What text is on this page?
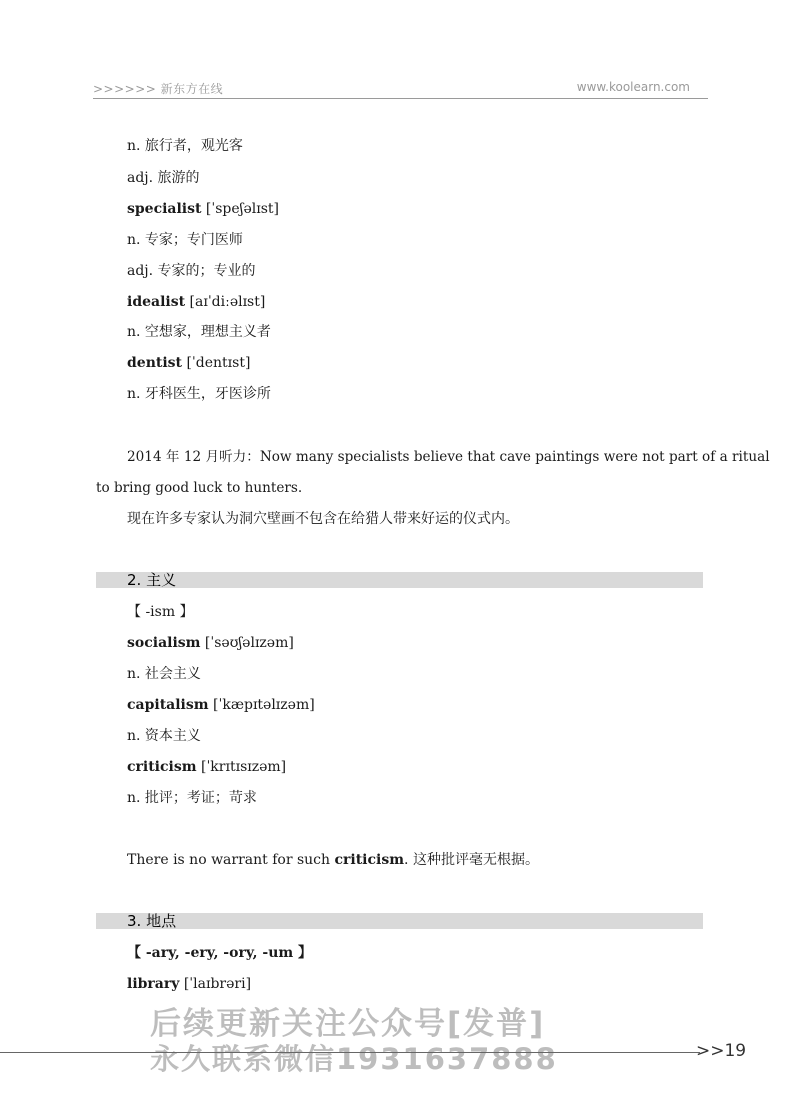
>>>>>> 新东方在线	www.koolearn.com
n. 旅行者，观光客
adj. 旅游的
specialist [ˈspeʃəlɪst]
n. 专家；专门医师
adj. 专家的；专业的
idealist [aɪˈdiːəlɪst]
n. 空想家，理想主义者
dentist [ˈdentɪst]
n. 牙科医生，牙医诊所
2014 年 12 月听力：Now many specialists believe that cave paintings were not part of a ritual
to bring good luck to hunters.
现在许多专家认为洞穴壁画不包含在给猎人带来好运的仪式内。
2. 主义
【 -ism 】
socialism [ˈsəʊʃəlɪzəm]
n. 社会主义
capitalism [ˈkæpɪtəlɪzəm]
n. 资本主义
criticism [ˈkrɪtɪsɪzəm]
n. 批评；考证；苛求
There is no warrant for such criticism. 这种批评毫无根据。
3. 地点
【 -ary, -ery, -ory, -um 】
library [ˈlaɪbrəri]
后续更新关注公众号[发普]
永久联系微信1931637888	>>19
